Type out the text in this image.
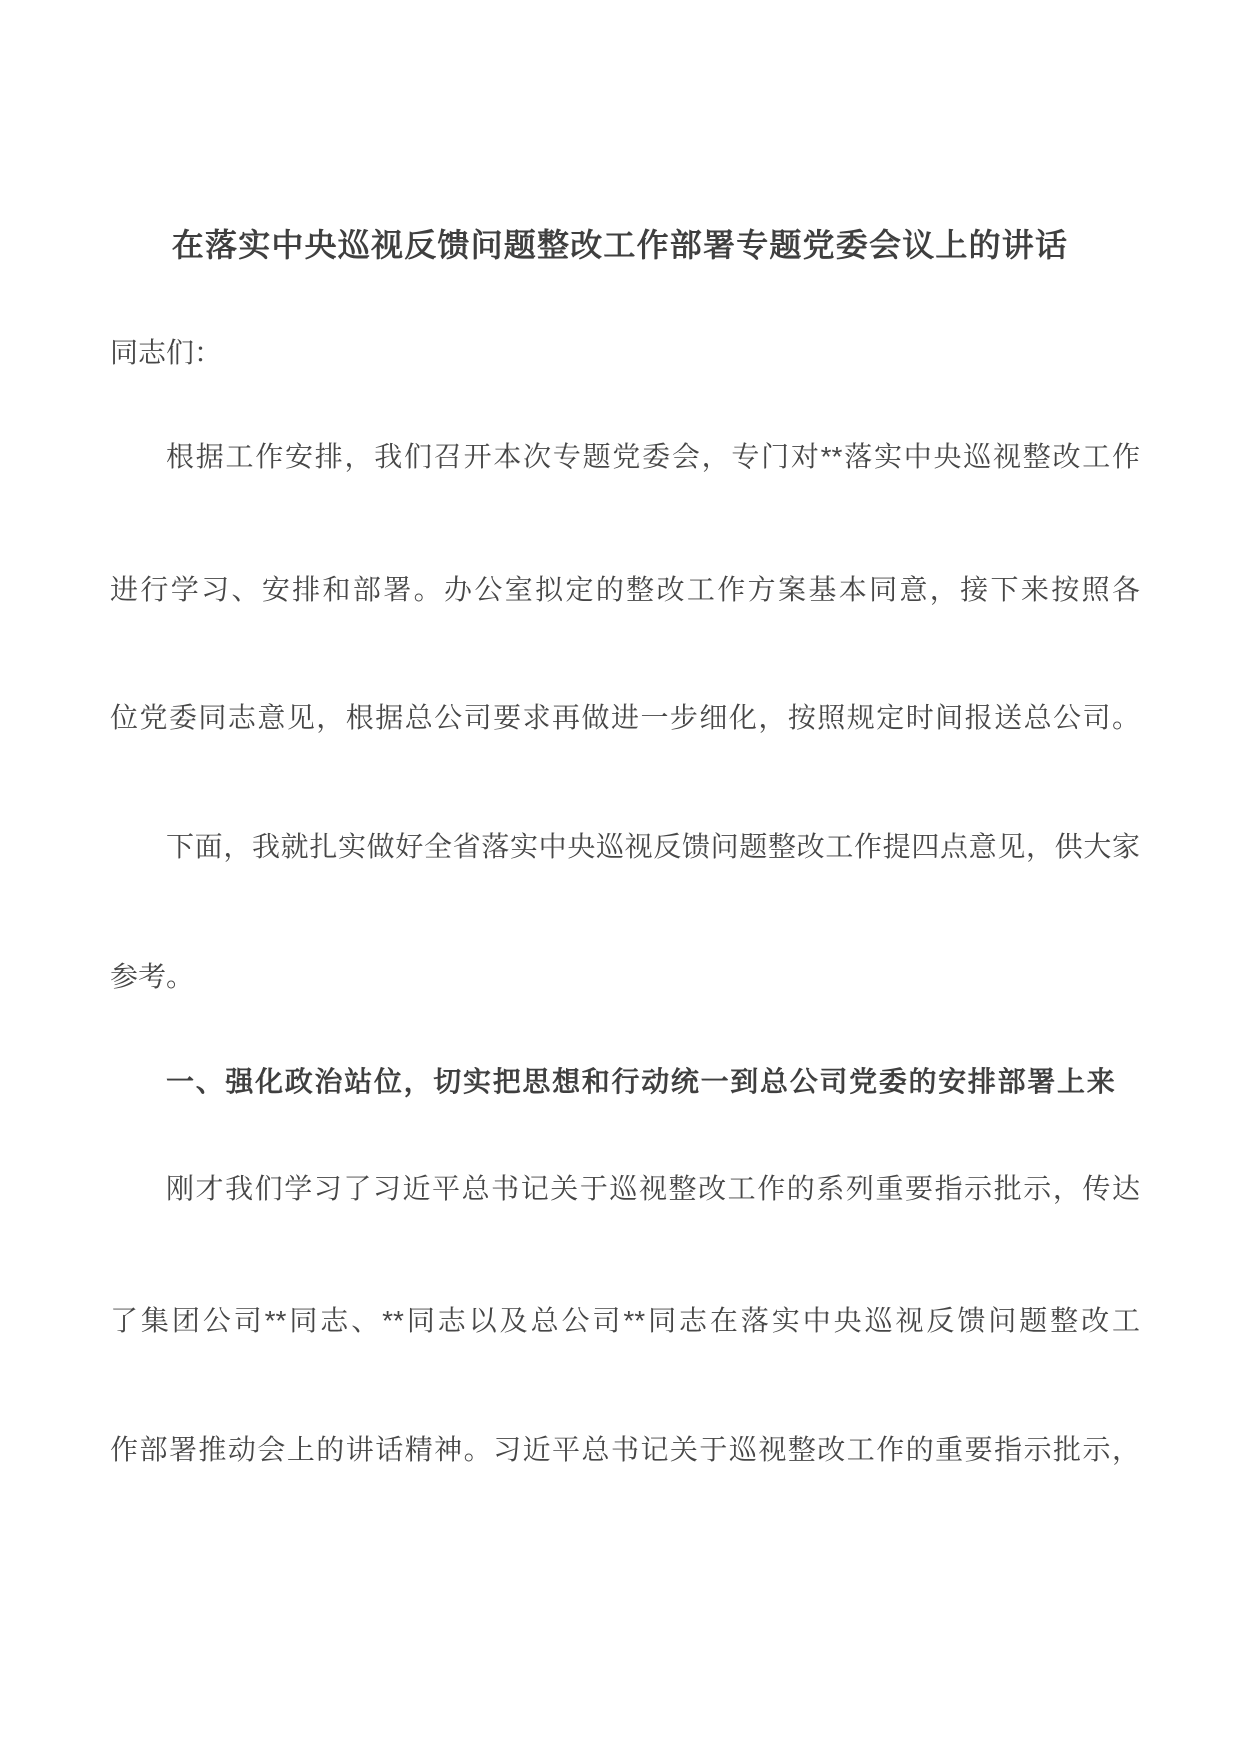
在落实中央巡视反馈问题整改工作部署专题党委会议上的讲话
同志们：
根据工作安排，我们召开本次专题党委会，专门对**落实中央巡视整改工作
进行学习、安排和部署。办公室拟定的整改工作方案基本同意，接下来按照各
位党委同志意见，根据总公司要求再做进一步细化，按照规定时间报送总公司。
下面，我就扎实做好全省落实中央巡视反馈问题整改工作提四点意见，供大家
参考。
一、强化政治站位，切实把思想和行动统一到总公司党委的安排部署上来
刚才我们学习了习近平总书记关于巡视整改工作的系列重要指示批示，传达
了集团公司**同志、**同志以及总公司**同志在落实中央巡视反馈问题整改工
作部署推动会上的讲话精神。习近平总书记关于巡视整改工作的重要指示批示，
